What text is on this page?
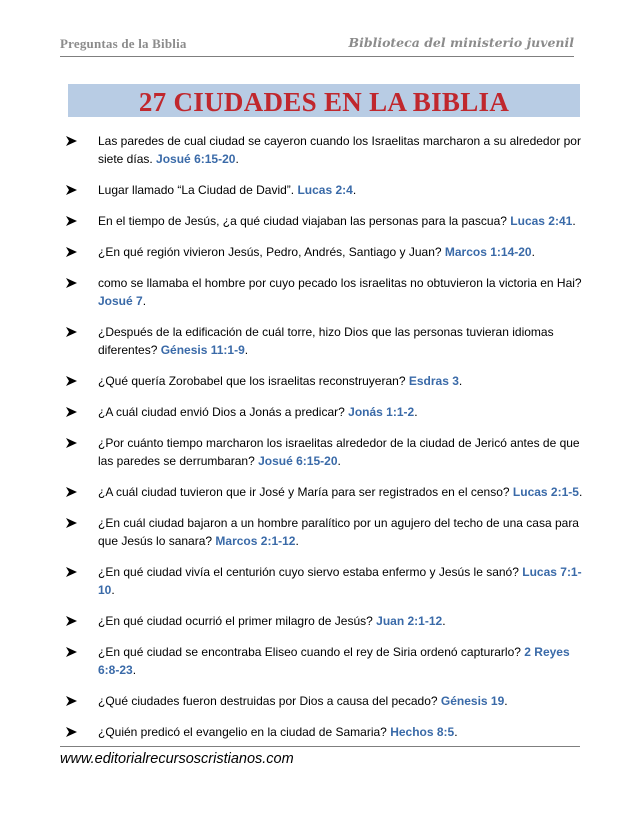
Preguntas de la Biblia	Biblioteca del ministerio juvenil
27 CIUDADES EN LA BIBLIA
Las paredes de cual ciudad se cayeron cuando los Israelitas marcharon a su alrededor por siete días. Josué 6:15-20.
Lugar llamado “La Ciudad de David”. Lucas 2:4.
En el tiempo de Jesús, ¿a qué ciudad viajaban las personas para la pascua? Lucas 2:41.
¿En qué región vivieron Jesús, Pedro, Andrés, Santiago y Juan? Marcos 1:14-20.
como se llamaba el hombre por cuyo pecado los israelitas no obtuvieron la victoria en Hai? Josué 7.
¿Después de la edificación de cuál torre, hizo Dios que las personas tuvieran idiomas diferentes? Génesis 11:1-9.
¿Qué quería Zorobabel que los israelitas reconstruyeran? Esdras 3.
¿A cuál ciudad envió Dios a Jonás a predicar? Jonás 1:1-2.
¿Por cuánto tiempo marcharon los israelitas alrededor de la ciudad de Jericó antes de que las paredes se derrumbaran? Josué 6:15-20.
¿A cuál ciudad tuvieron que ir José y María para ser registrados en el censo? Lucas 2:1-5.
¿En cuál ciudad bajaron a un hombre paralítico por un agujero del techo de una casa para que Jesús lo sanara? Marcos 2:1-12.
¿En qué ciudad vivía el centurión cuyo siervo estaba enfermo y Jesús le sanó? Lucas 7:1-10.
¿En qué ciudad ocurrió el primer milagro de Jesús? Juan 2:1-12.
¿En qué ciudad se encontraba Eliseo cuando el rey de Siria ordenó capturarlo? 2 Reyes 6:8-23.
¿Qué ciudades fueron destruidas por Dios a causa del pecado? Génesis 19.
¿Quién predicó el evangelio en la ciudad de Samaria? Hechos 8:5.
www.editorialrecursoscristianos.com
